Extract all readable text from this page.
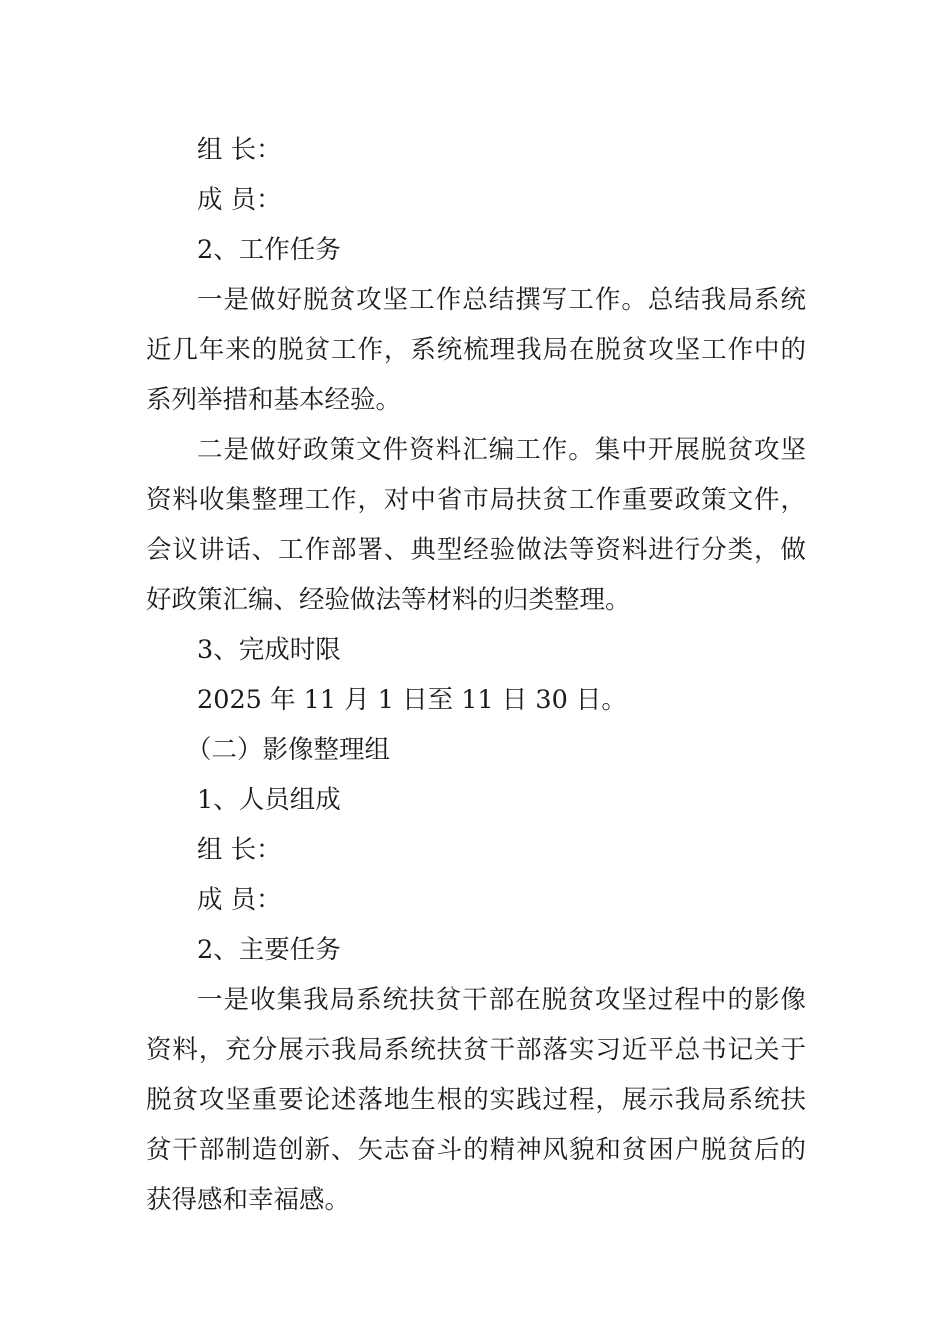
组 长：

成 员：

2、工作任务

一是做好脱贫攻坚工作总结撰写工作。总结我局系统近几年来的脱贫工作，系统梳理我局在脱贫攻坚工作中的系列举措和基本经验。

二是做好政策文件资料汇编工作。集中开展脱贫攻坚资料收集整理工作，对中省市局扶贫工作重要政策文件，会议讲话、工作部署、典型经验做法等资料进行分类，做好政策汇编、经验做法等材料的归类整理。

3、完成时限

2025 年 11 月 1 日至 11 日 30 日。

（二）影像整理组

1、人员组成

组 长：

成 员：

2、主要任务

一是收集我局系统扶贫干部在脱贫攻坚过程中的影像资料，充分展示我局系统扶贫干部落实习近平总书记关于脱贫攻坚重要论述落地生根的实践过程，展示我局系统扶贫干部制造创新、矢志奋斗的精神风貌和贫困户脱贫后的获得感和幸福感。
